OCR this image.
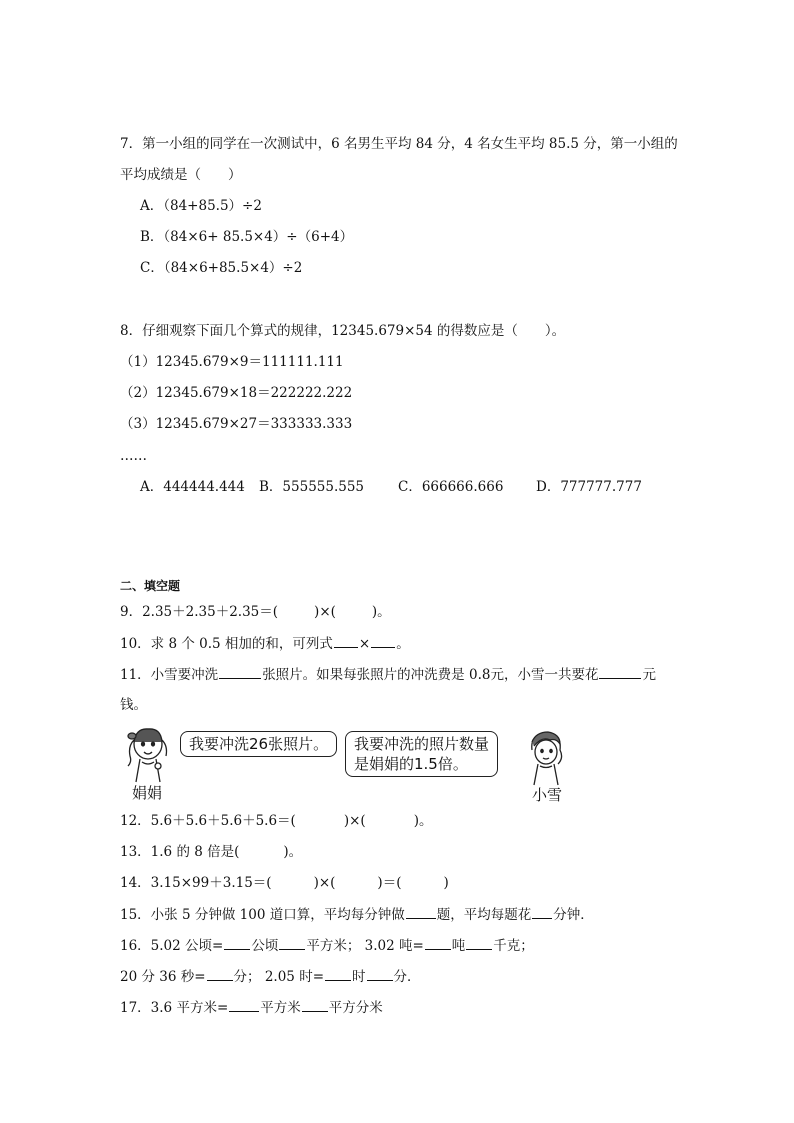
7．第一小组的同学在一次测试中，6 名男生平均 84 分，4 名女生平均 85.5 分，第一小组的
平均成绩是（　　）
A．（84+85.5）÷2
B．（84×6+ 85.5×4）÷（6+4）
C．（84×6+85.5×4）÷2
8．仔细观察下面几个算式的规律，12345.679×54 的得数应是（　　）。
（1）12345.679×9＝111111.111
（2）12345.679×18＝222222.222
（3）12345.679×27＝333333.333
……
A．444444.444 B．555555.555	C．666666.666 D．777777.777
二、填空题
9．2.35＋2.35＋2.35＝(	)×(	)。
10．求 8 个 0.5 相加的和，可列式 × 。
11．小雪要冲洗	张照片。如果每张照片的冲洗费是 0.8元，小雪一共要花	元
钱。
我要冲洗26张照片。
娟娟
我要冲洗的照片数量
是娟娟的1.5倍。
小雪
12．5.6＋5.6＋5.6＋5.6＝(	)×(	)。
13．1.6 的 8 倍是(	)。
14．3.15×99＋3.15＝(	)×(	)＝(	)
15．小张 5 分钟做 100 道口算，平均每分钟做 题，平均每题花 分钟．
16．5.02 公顷= 公顷 平方米； 3.02 吨= 吨 千克；
20 分 36 秒= 分； 2.05 时= 时 分．
17．3.6 平方米= 平方米 平方分米
